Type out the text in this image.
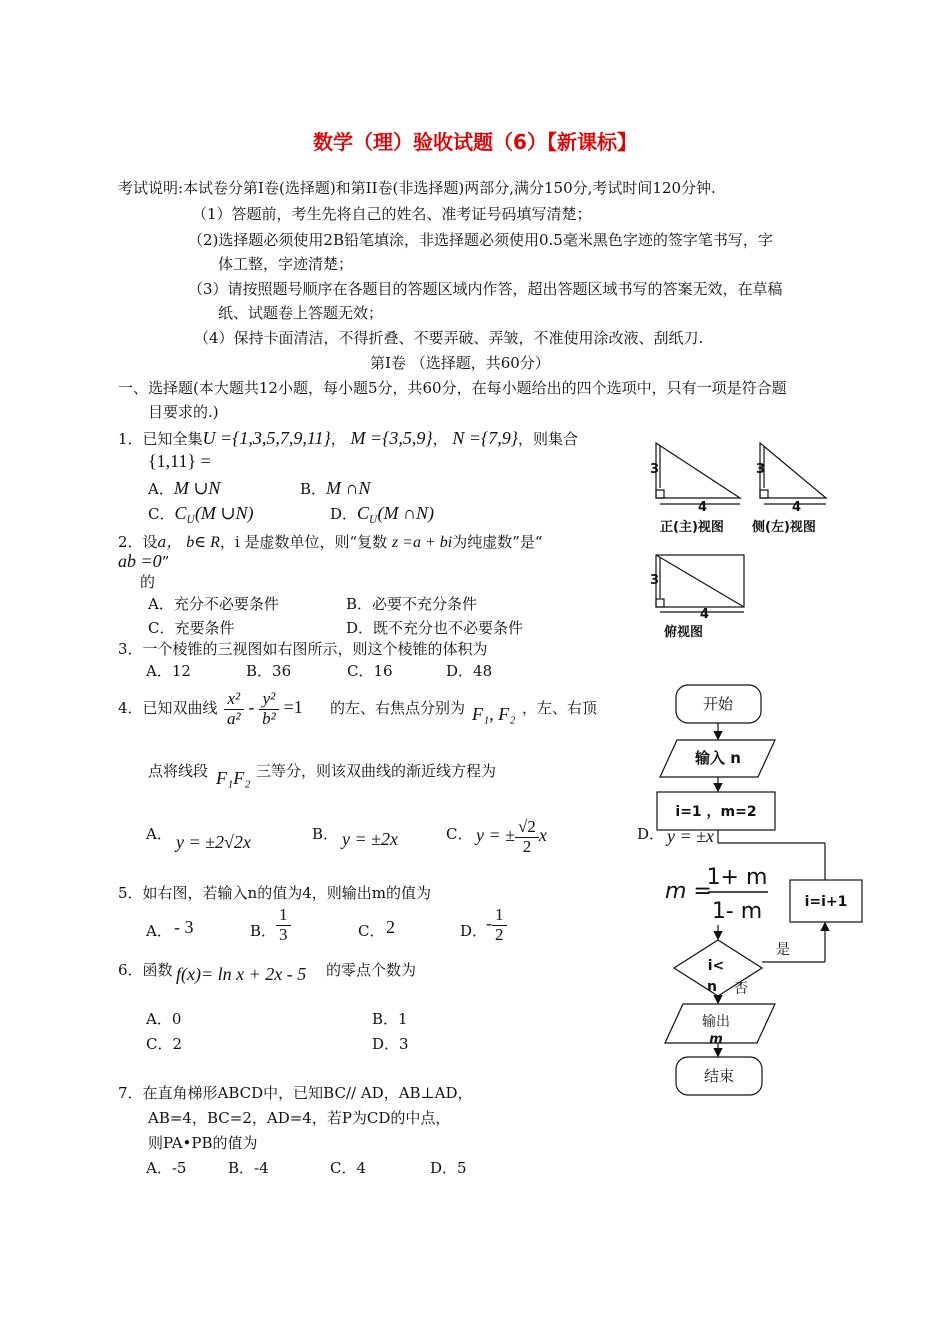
数学（理）验收试题（6）【新课标】
考试说明:本试卷分第Ⅰ卷(选择题)和第II卷(非选择题)两部分,满分150分,考试时间120分钟.
（1）答题前，考生先将自己的姓名、准考证号码填写清楚；
（2)选择题必须使用2B铅笔填涂，非选择题必须使用0.5毫米黑色字迹的签字笔书写，字
体工整，字迹清楚；
（3）请按照题号顺序在各题目的答题区域内作答，超出答题区域书写的答案无效，在草稿
纸、试题卷上答题无效；
（4）保持卡面清洁，不得折叠、不要弄破、弄皱，不准使用涂改液、刮纸刀.
第Ⅰ卷 （选择题，共60分）
一、选择题(本大题共12小题，每小题5分，共60分，在每小题给出的四个选项中，只有一项是符合题
目要求的.)
1．已知全集U ={1,3,5,7,9,11}， M ={3,5,9}， N ={7,9}，则集合
{1,11} =
A．M ∪N	B．M ∩N
C．$C_U(M$ ∪N)	D．$C_U(M$ ∩N)
2．设a， b∈ R，i 是虚数单位，则“复数 z =a + bi为纯虚数”是“
ab =0”
的
A．充分不必要条件	B．必要不充分条件
C．充要条件	D．既不充分也不必要条件
3．一个棱锥的三视图如右图所示，则这个棱锥的体积为
A．12	B．36	C．16	D．48
4．已知双曲线 $\frac{\text{x²}}{\text{a²}} - \frac{\text{y²}}{\text{b²}} =1$ 的左、右焦点分别为 F₁, F₂ ，左、右顶
点将线段 F₁F₂ 三等分，则该双曲线的渐近线方程为
A． y = ±2√2x	B． y = ±2x	C． y = ± $\frac{√2}{2}$ x	D． y = ±x
5．如右图，若输入n的值为4，则输出m的值为
A． - 3	B． $\frac{1}{3}$	C． 2	D．
- $\frac{1}{2}$
6．函数 f(x)= ln x + 2x - 5 的零点个数为
A．0	B．1
C．2	D．3
7．在直角梯形ABCD中，已知BC// AD，AB⊥AD，
AB=4，BC=2，AD=4，若P为CD的中点，
则PA•PB的值为
A．-5	B．-4	C．4	D．5
3
4
3
4
3
4
正(主)视图 侧(左)视图
俯视图
开始
输入 n
i=1 ，m=2
m =
1+ m
1- m	i=i+1
i<
n
是
否
输出
m
结束
